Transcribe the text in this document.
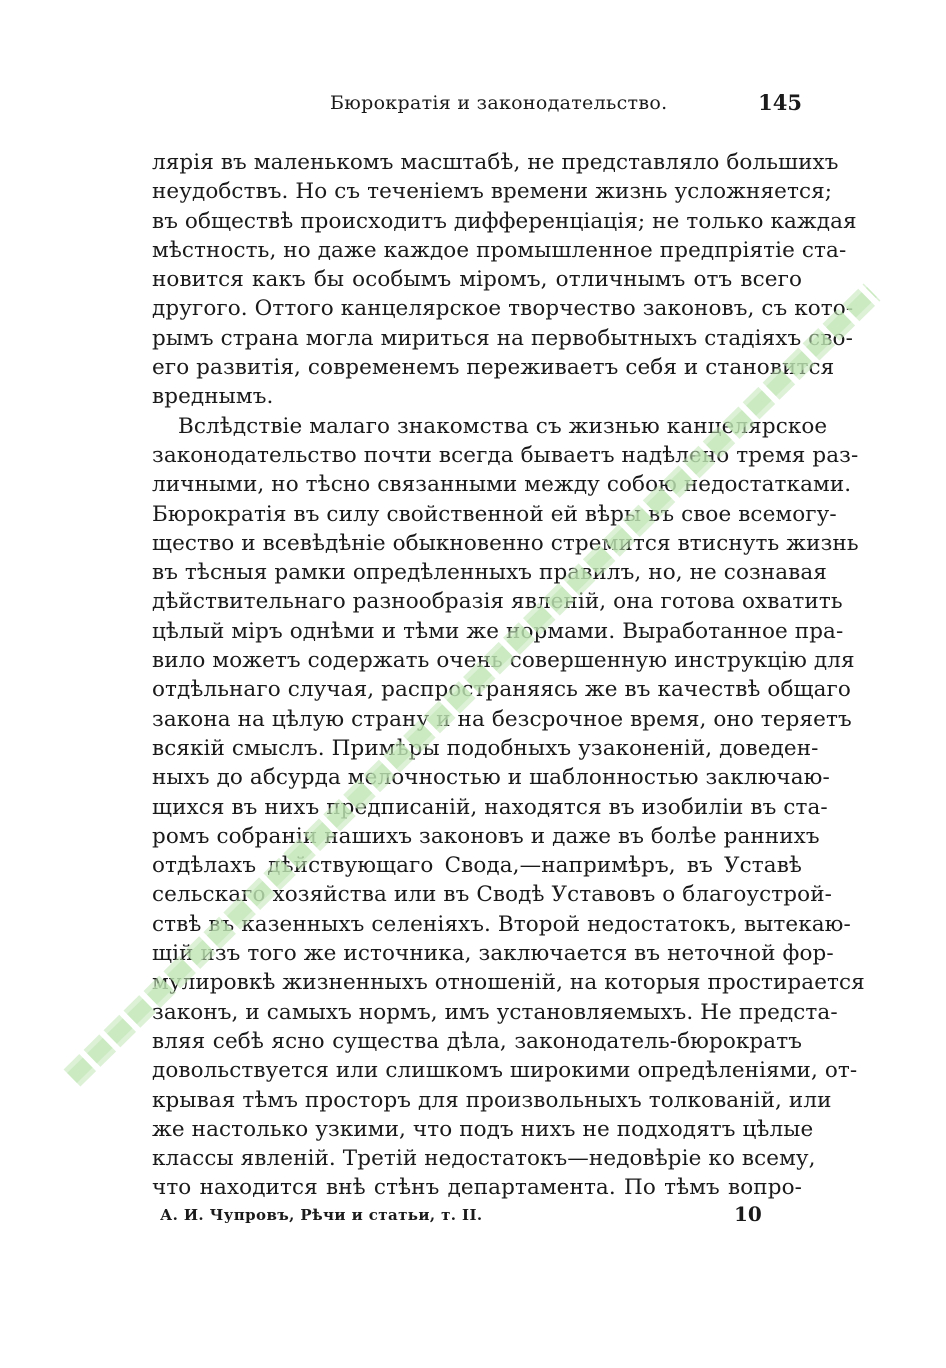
Бюрократія и законодательство.	145
лярія въ маленькомъ масштабѣ, не представляло большихъ
неудобствъ. Но съ теченіемъ времени жизнь усложняется;
въ обществѣ происходитъ дифференціація; не только каждая
мѣстность, но даже каждое промышленное предпріятіе ста-
новится какъ бы особымъ міромъ, отличнымъ отъ всего
другого. Оттого канцелярское творчество законовъ, съ кото-
рымъ страна могла мириться на первобытныхъ стадіяхъ сво-
его развитія, современемъ переживаетъ себя и становится
вреднымъ.
Вслѣдствіе малаго знакомства съ жизнью канцелярское
законодательство почти всегда бываетъ надѣлено тремя раз-
личными, но тѣсно связанными между собою недостатками.
Бюрократія въ силу свойственной ей вѣры въ свое всемогу-
щество и всевѣдѣніе обыкновенно стремится втиснуть жизнь
въ тѣсныя рамки опредѣленныхъ правилъ, но, не сознавая
дѣйствительнаго разнообразія явленій, она готова охватить
цѣлый міръ однѣми и тѣми же нормами. Выработанное пра-
вило можетъ содержать очень совершенную инструкцію для
отдѣльнаго случая, распространяясь же въ качествѣ общаго
закона на цѣлую страну и на безсрочное время, оно теряетъ
всякій смыслъ. Примѣры подобныхъ узаконеній, доведен-
ныхъ до абсурда мелочностью и шаблонностью заключаю-
щихся въ нихъ предписаній, находятся въ изобиліи въ ста-
ромъ собраніи нашихъ законовъ и даже въ болѣе раннихъ
отдѣлахъ дѣйствующаго Свода,—напримѣръ, въ Уставѣ
сельскаго хозяйства или въ Сводѣ Уставовъ о благоустрой-
ствѣ въ казенныхъ селеніяхъ. Второй недостатокъ, вытекаю-
щій изъ того же источника, заключается въ неточной фор-
мулировкѣ жизненныхъ отношеній, на которыя простирается
законъ, и самыхъ нормъ, имъ установляемыхъ. Не предста-
вляя себѣ ясно существа дѣла, законодатель-бюрократъ
довольствуется или слишкомъ широкими опредѣленіями, от-
крывая тѣмъ просторъ для произвольныхъ толкованій, или
же настолько узкими, что подъ нихъ не подходятъ цѣлые
классы явленій. Третій недостатокъ—недовѣріе ко всему,
что находится внѣ стѣнъ департамента. По тѣмъ вопро-
А. И. Чупровъ, Рѣчи и статьи, т. II.	10
